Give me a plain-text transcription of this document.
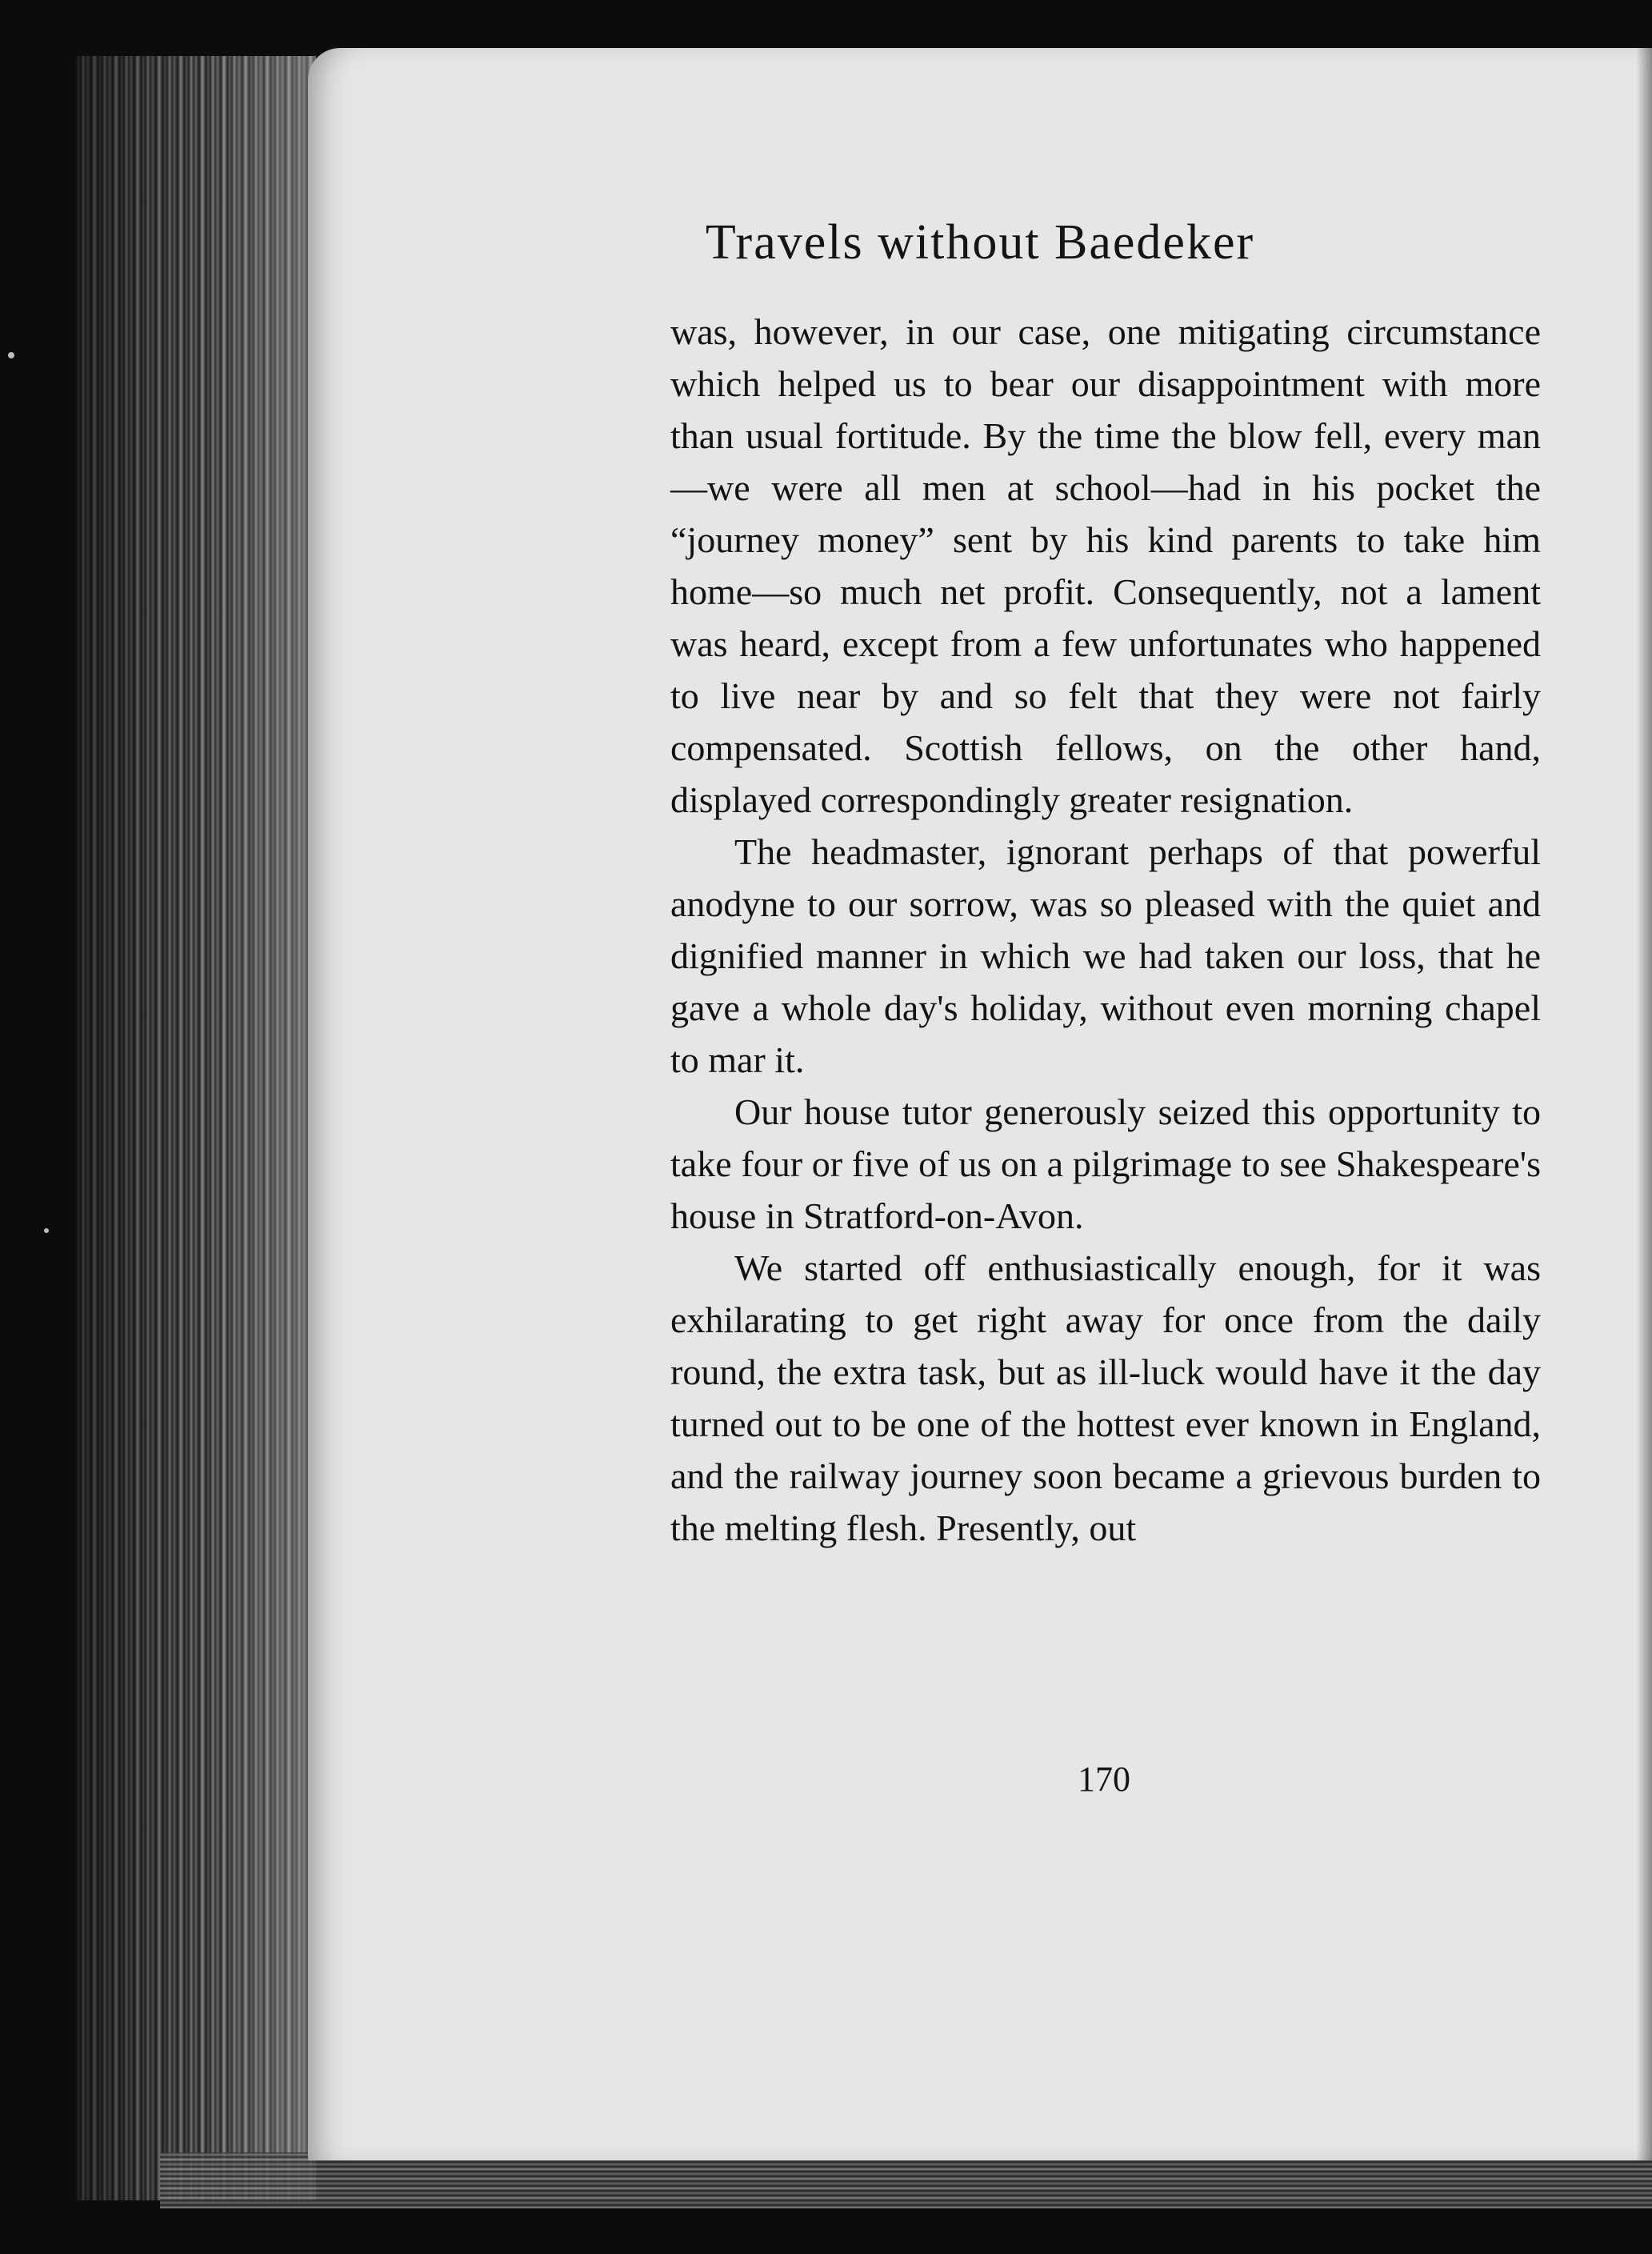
Travels without Baedeker

was, however, in our case, one mitigating circumstance which helped us to bear our disappointment with more than usual fortitude. By the time the blow fell, every man—we were all men at school—had in his pocket the “journey money” sent by his kind parents to take him home—so much net profit. Consequently, not a lament was heard, except from a few unfortunates who happened to live near by and so felt that they were not fairly compensated. Scottish fellows, on the other hand, displayed correspondingly greater resignation.

The headmaster, ignorant perhaps of that powerful anodyne to our sorrow, was so pleased with the quiet and dignified manner in which we had taken our loss, that he gave a whole day's holiday, without even morning chapel to mar it.

Our house tutor generously seized this opportunity to take four or five of us on a pilgrimage to see Shakespeare's house in Stratford-on-Avon.

We started off enthusiastically enough, for it was exhilarating to get right away for once from the daily round, the extra task, but as ill-luck would have it the day turned out to be one of the hottest ever known in England, and the railway journey soon became a grievous burden to the melting flesh. Presently, out

170
